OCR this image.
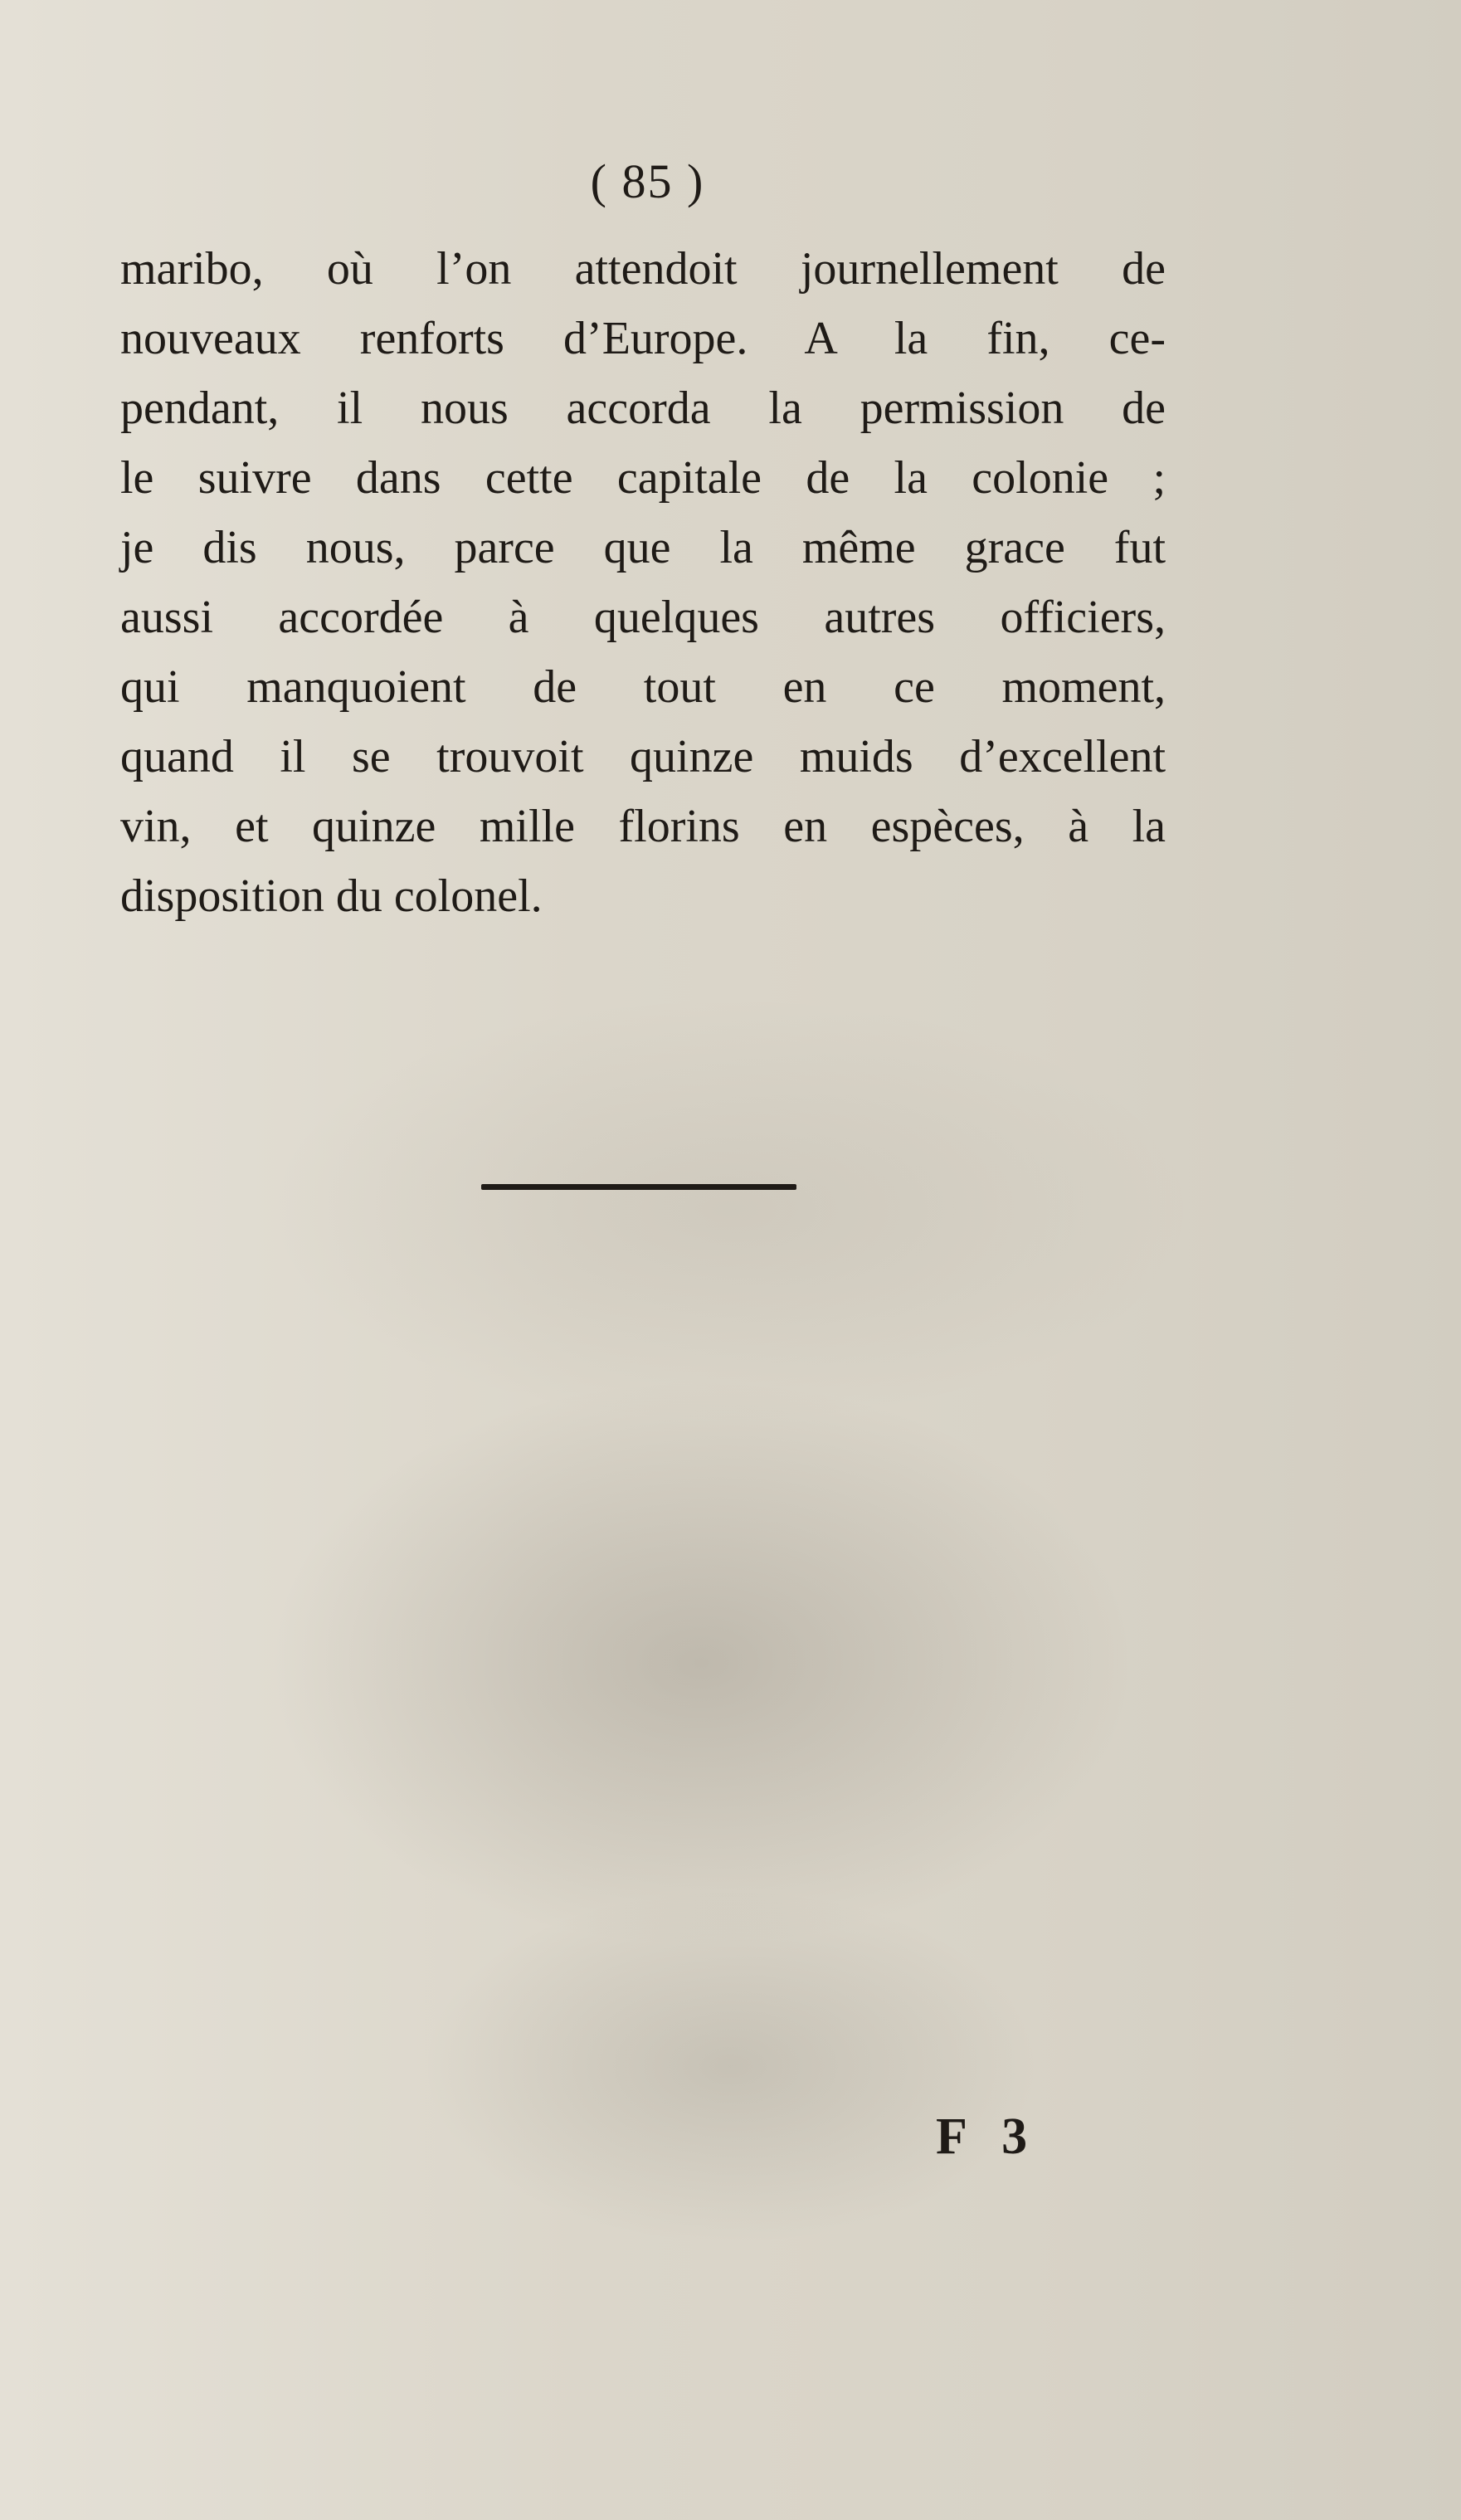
( 85 )
maribo, où l’on attendoit journellement de
nouveaux renforts d’Europe. A la fin, ce-
pendant, il nous accorda la permission de
le suivre dans cette capitale de la colonie ;
je dis nous, parce que la même grace fut
aussi accordée à quelques autres officiers,
qui manquoient de tout en ce moment,
quand il se trouvoit quinze muids d’excellent
vin, et quinze mille florins en espèces, à la
disposition du colonel.
F 3
